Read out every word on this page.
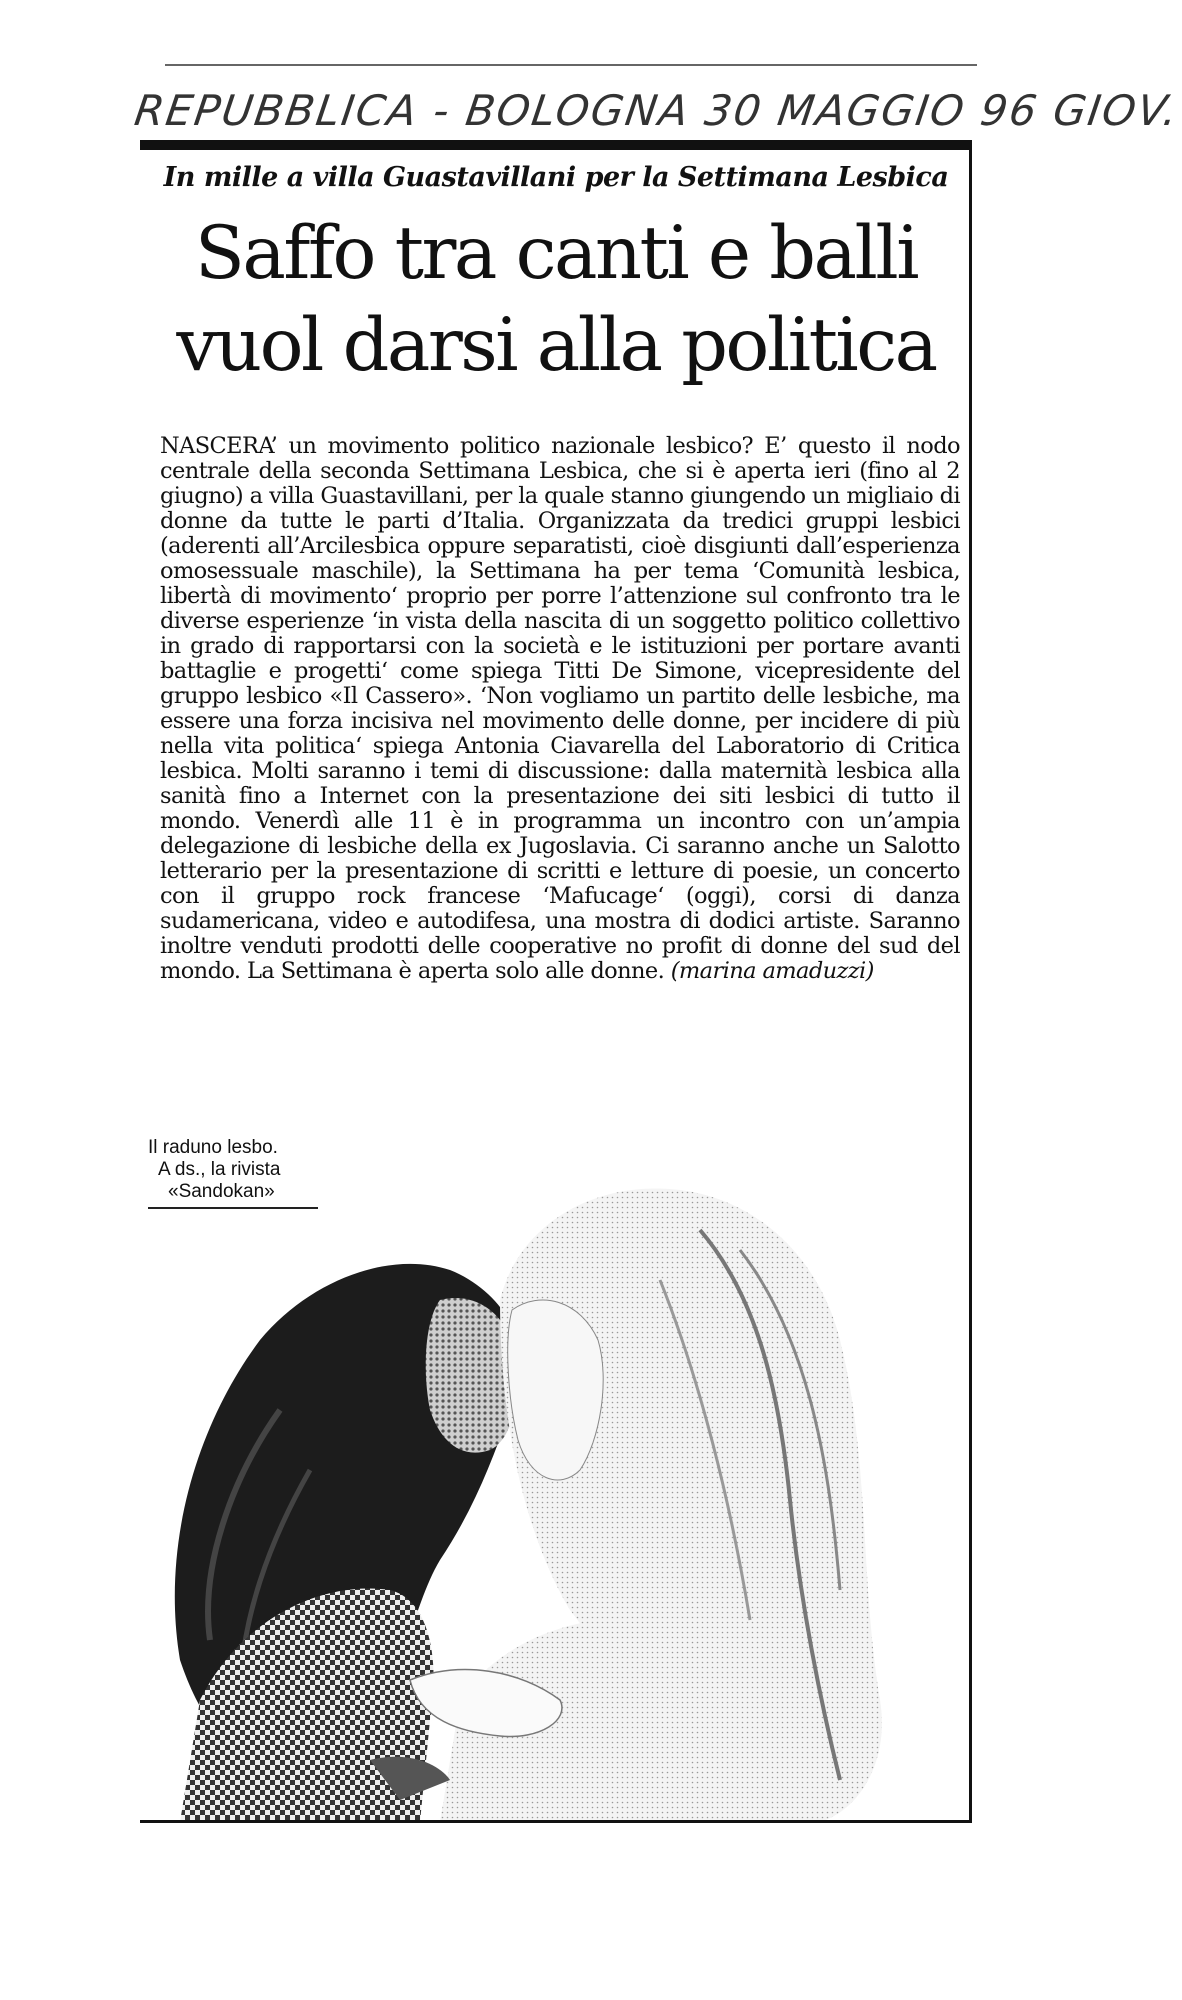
REPUBBLICA - BOLOGNA 30 MAGGIO 96 GIOV.
In mille a villa Guastavillani per la Settimana Lesbica
Saffo tra canti e balli
vuol darsi alla politica

NASCERA’ un movimento politico nazionale lesbico? E’ questo il nodo centrale della seconda Settimana Lesbica, che si è aperta ieri (fino al 2 giugno) a villa Guastavillani, per la quale stanno giungendo un migliaio di donne da tutte le parti d’Italia. Organizzata da tredici gruppi lesbici (aderenti all’Arcilesbica oppure separatisti, cioè disgiunti dall’esperienza omosessuale maschile), la Settimana ha per tema ‘Comunità lesbica, libertà di movimento‘ proprio per porre l’attenzione sul confronto tra le diverse esperienze ‘in vista della nascita di un soggetto politico collettivo in grado di rapportarsi con la società e le istituzioni per portare avanti battaglie e progetti‘ come spiega Titti De Simone, vicepresidente del gruppo lesbico «Il Cassero». ‘Non vogliamo un partito delle lesbiche, ma essere una forza incisiva nel movimento delle donne, per incidere di più nella vita politica‘ spiega Antonia Ciavarella del Laboratorio di Critica lesbica. Molti saranno i temi di discussione: dalla maternità lesbica alla sanità fino a Internet con la presentazione dei siti lesbici di tutto il mondo. Venerdì alle 11 è in programma un incontro con un’ampia delegazione di lesbiche della ex Jugoslavia. Ci saranno anche un Salotto letterario per la presentazione di scritti e letture di poesie, un concerto con il gruppo rock francese ‘Mafucage‘ (oggi), corsi di danza sudamericana, video e autodifesa, una mostra di dodici artiste. Saranno inoltre venduti prodotti delle cooperative no profit di donne del sud del mondo. La Settimana è aperta solo alle donne. (marina amaduzzi)

Il raduno lesbo.
A ds., la rivista
«Sandokan»
